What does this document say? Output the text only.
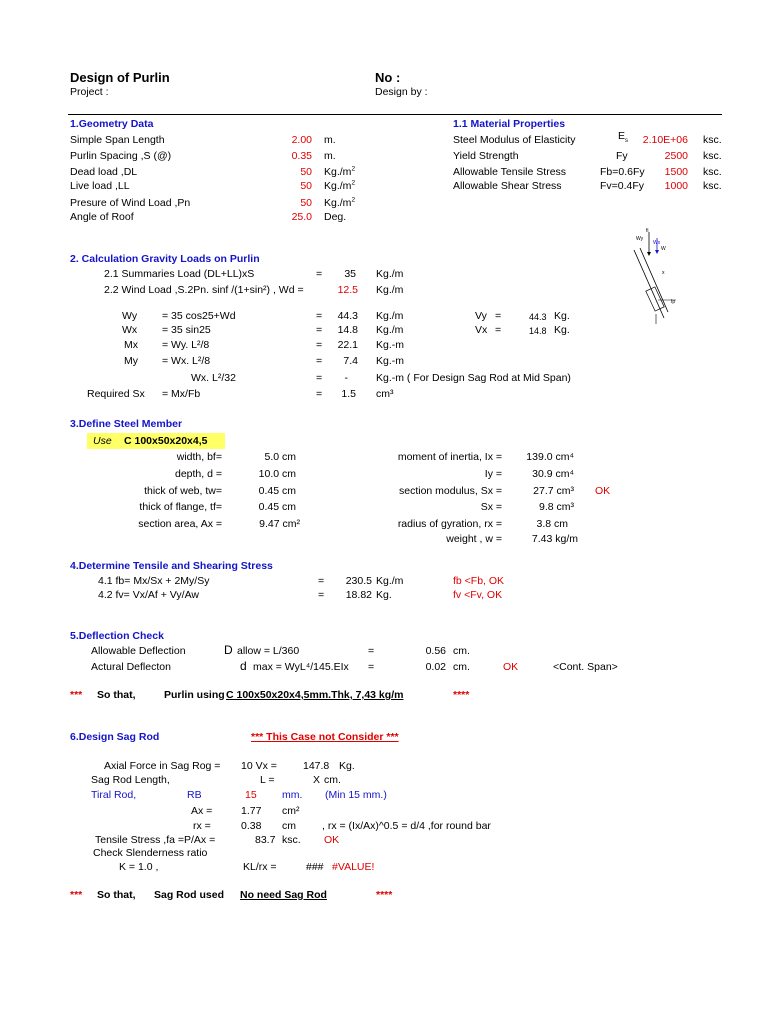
Design of Purlin
Project :
No :
Design by :
1.Geometry Data
Simple Span Length	2.00 m.
Purlin Spacing ,S (@)	0.35 m.
Dead load ,DL	50 $Kg./m^2$
Live load ,LL	50 $Kg./m^2$
Presure of Wind Load ,Pn	50 $Kg./m^2$
Angle of Roof	25.0 Deg.
1.1 Material Properties
Steel Modulus of Elasticity	$E_s$	2.10E+06 ksc.
Yield Strength	Fy	2500 ksc.
Allowable Tensile Stress	Fb=0.6Fy	1500 ksc.
Allowable Shear Stress	Fv=0.4Fy	1000 ksc.
fi
Wy
Wx
W
x
Ip
2. Calculation Gravity Loads on Purlin
2.1 Summaries Load (DL+LL)xS	=	35 Kg./m
2.2 Wind Load ,S.2Pn. sinf /(1+sin²⁠) , Wd =	12.5 Kg./m
Wy = 35 cos25+Wd	=	44.3 Kg./m
Wx = 35 sin25	=	14.8 Kg./m
Mx = Wy. L²/8	=	22.1 Kg.-m
My = Wx. L²/8	=	7.4 Kg.-m
Wx. L²/32	=	-	Kg.-m ( For Design Sag Rod at Mid Span)
Required Sx = Mx/Fb	=	1.5 cm³
Vy =	44.3 Kg.
Vx =	14.8 Kg.
3.Define Steel Member
Use C 100x50x20x4,5
width, bf=	5.0 cm
depth, d =	10.0 cm
thick of web, tw=	0.45 cm
thick of flange, tf=	0.45 cm
section area, Ax =	9.47 cm²
moment of inertia, Ix =	139.0 cm⁴
Iy =	30.9 cm⁴
section modulus, Sx =	27.7 cm³ OK
Sx =	9.8 cm³
radius of gyration, rx =	3.8 cm
weight , w =	7.43 kg/m
4.Determine Tensile and Shearing Stress
4.1 fb= Mx/Sx + 2My/Sy	=	230.5 Kg./m	fb <Fb, OK
4.2 fv= Vx/Af + Vy/Aw	=	18.82 Kg.	fv <Fv, OK
5.Deflection Check
Allowable Deflection	D allow = L/360	=	0.56 cm.
Actural Deflecton	d max = WyL⁴/145.EIx =	0.02 cm.	OK	<Cont. Span>
*** So that,	Purlin using C 100x50x20x4,5mm.Thk, 7,43 kg/m	****
6.Design Sag Rod	*** This Case not Consider ***
Axial Force in Sag Rog = 10 Vx = 147.8 Kg.
Sag Rod Length,	L =	X cm.
Tiral Rod,	RB	15 mm. (Min 15 mm.)
Ax =	1.77 cm²
rx =	0.38 cm , rx = (Ix/Ax)^0.5 = d/4 ,for round bar
Tensile Stress ,fa =P/Ax =	83.7 ksc. OK
Check Slenderness ratio
K = 1.0 ,	KL/rx =	### #VALUE!
*** So that, Sag Rod used No need Sag Rod	****
